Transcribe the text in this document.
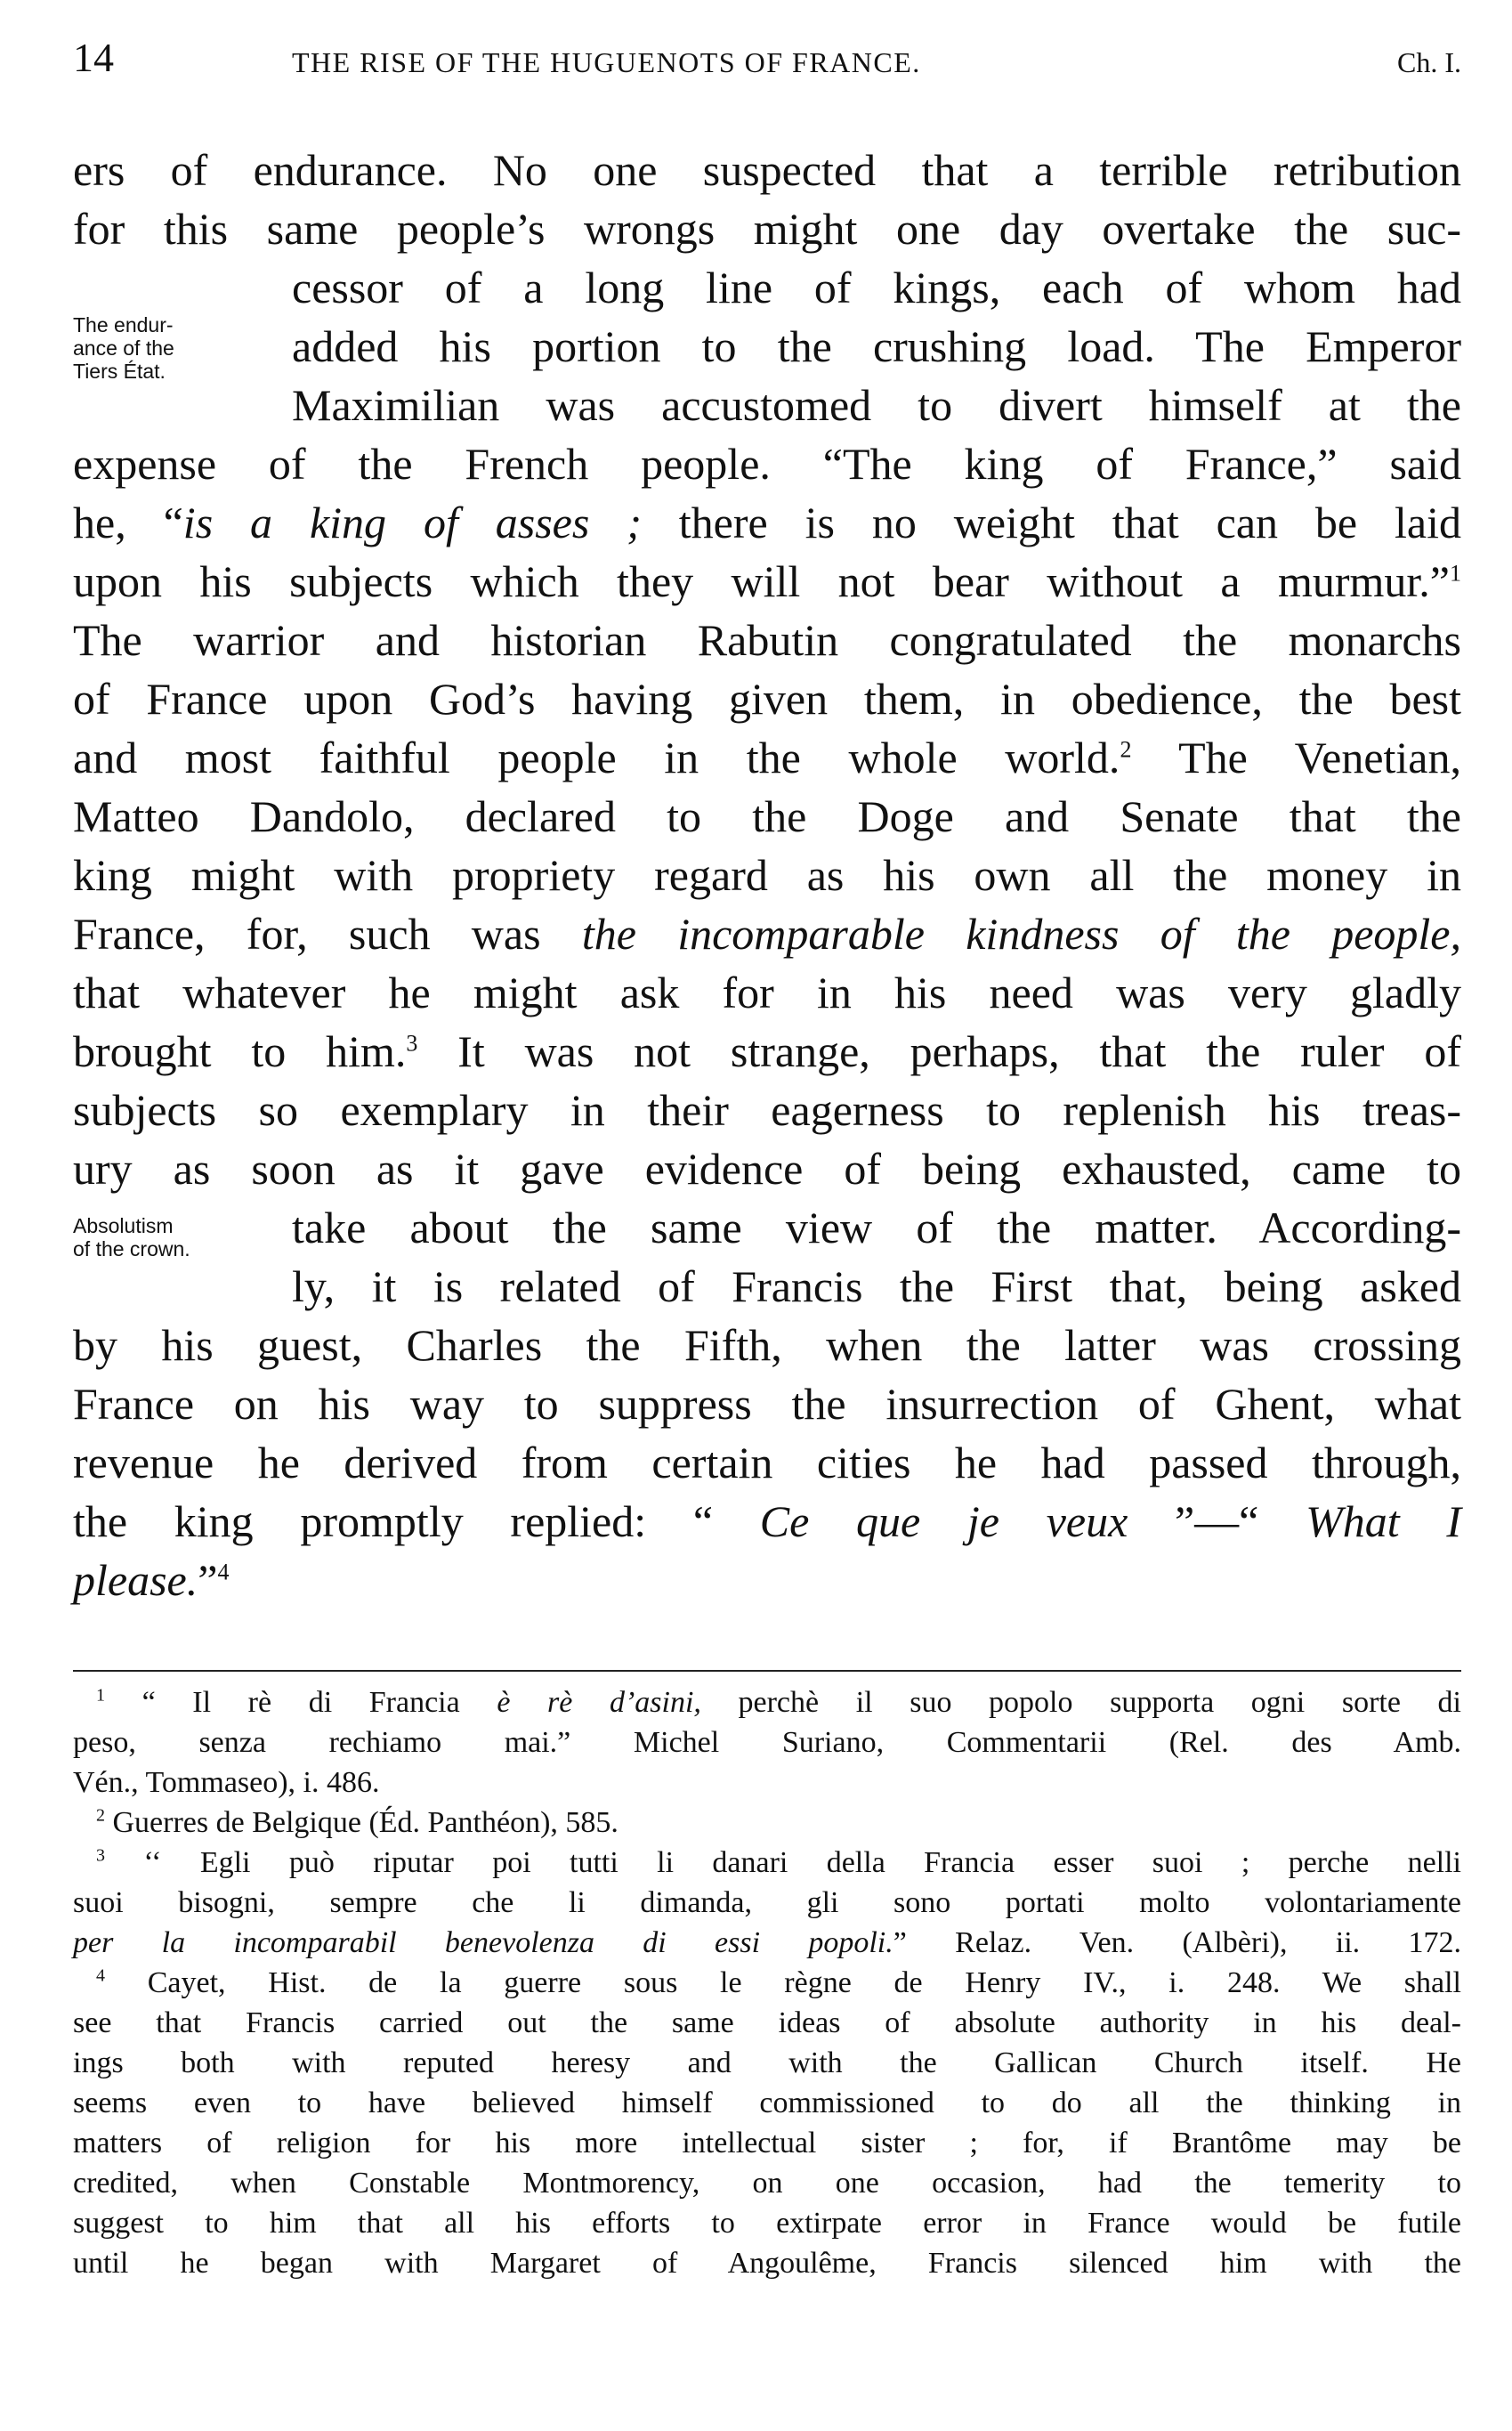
14	THE RISE OF THE HUGUENOTS OF FRANCE.	Ch. I.
The endur-
ance of the
Tiers État.
Absolutism
of the crown.
ers of endurance. No one suspected that a terrible retribution
for this same people’s wrongs might one day overtake the suc-
cessor of a long line of kings, each of whom had
added his portion to the crushing load. The Emperor
Maximilian was accustomed to divert himself at the
expense of the French people. “The king of France,” said
he, “is a king of asses ; there is no weight that can be laid
upon his subjects which they will not bear without a murmur.”$^1$
The warrior and historian Rabutin congratulated the monarchs
of France upon God’s having given them, in obedience, the best
and most faithful people in the whole world.$^2$ The Venetian,
Matteo Dandolo, declared to the Doge and Senate that the
king might with propriety regard as his own all the money in
France, for, such was the incomparable kindness of the people,
that whatever he might ask for in his need was very gladly
brought to him.$^3$ It was not strange, perhaps, that the ruler of
subjects so exemplary in their eagerness to replenish his treas-
ury as soon as it gave evidence of being exhausted, came to
take about the same view of the matter. According-
ly, it is related of Francis the First that, being asked
by his guest, Charles the Fifth, when the latter was crossing
France on his way to suppress the insurrection of Ghent, what
revenue he derived from certain cities he had passed through,
the king promptly replied: “ Ce que je veux ”—“ What I
please.”$^4$
$^1$ “ Il rè di Francia è rè d’asini, perchè il suo popolo supporta ogni sorte di
peso, senza rechiamo mai.” Michel Suriano, Commentarii (Rel. des Amb.
Vén., Tommaseo), i. 486.
$^2$ Guerres de Belgique (Éd. Panthéon), 585.
$^3$ ‘‘ Egli può riputar poi tutti li danari della Francia esser suoi ; perche nelli
suoi bisogni, sempre che li dimanda, gli sono portati molto volontariamente
per la incomparabil benevolenza di essi popoli.” Relaz. Ven. (Albèri), ii. 172.
$^4$ Cayet, Hist. de la guerre sous le règne de Henry IV., i. 248. We shall
see that Francis carried out the same ideas of absolute authority in his deal-
ings both with reputed heresy and with the Gallican Church itself. He
seems even to have believed himself commissioned to do all the thinking in
matters of religion for his more intellectual sister ; for, if Brantôme may be
credited, when Constable Montmorency, on one occasion, had the temerity to
suggest to him that all his efforts to extirpate error in France would be futile
until he began with Margaret of Angoulême, Francis silenced him with the
